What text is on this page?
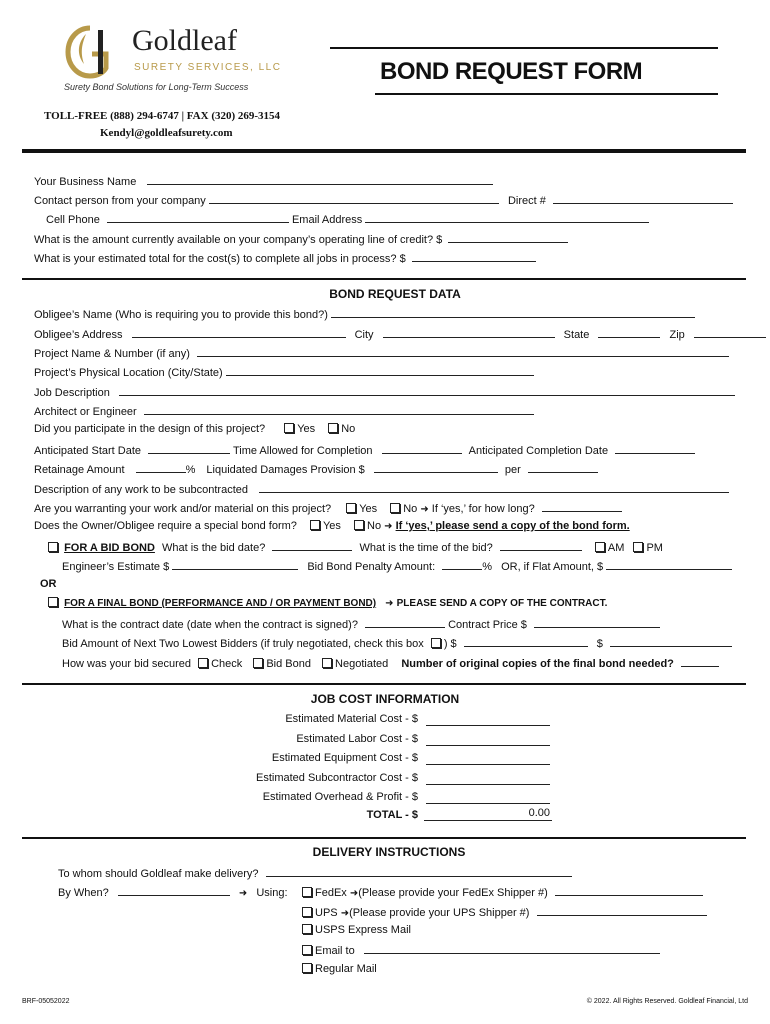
Goldleaf
SURETY SERVICES, LLC
Surety Bond Solutions for Long-Term Success
BOND REQUEST FORM
TOLL-FREE (888) 294-6747 | FAX (320) 269-3154
Kendyl@goldleafsurety.com
Your Business Name
Contact person from your company	Direct #
Cell Phone	Email Address
What is the amount currently available on your company’s operating line of credit? $
What is your estimated total for the cost(s) to complete all jobs in process? $
BOND REQUEST DATA
Obligee’s Name (Who is requiring you to provide this bond?)
Obligee’s Address	City	State	Zip
Project Name & Number (if any)
Project’s Physical Location (City/State)
Job Description
Architect or Engineer
Did you participate in the design of this project?	Yes No
Anticipated Start Date	Time Allowed for Completion	Anticipated Completion Date
Retainage Amount	% Liquidated Damages Provision $	per
Description of any work to be subcontracted
Are you warranting your work and/or material on this project?	Yes No ➜ If ‘yes,’ for how long?
Does the Owner/Obligee require a special bond form? Yes No ➜ If ‘yes,’ please send a copy of the bond form.
FOR A BID BOND What is the bid date?	What is the time of the bid?	AM PM
Engineer’s Estimate $	Bid Bond Penalty Amount:	% OR, if Flat Amount, $
OR
FOR A FINAL BOND (PERFORMANCE AND / OR PAYMENT BOND) ➜ PLEASE SEND A COPY OF THE CONTRACT.
What is the contract date (date when the contract is signed)?	Contract Price $
Bid Amount of Next Two Lowest Bidders (if truly negotiated, check this box ) $	$
How was your bid secured Check Bid Bond Negotiated Number of original copies of the final bond needed?
JOB COST INFORMATION
Estimated Material Cost - $
Estimated Labor Cost - $
Estimated Equipment Cost - $
Estimated Subcontractor Cost - $
Estimated Overhead & Profit - $
TOTAL - $	0.00
DELIVERY INSTRUCTIONS
To whom should Goldleaf make delivery?
By When?	➜ Using:	FedEx ➜(Please provide your FedEx Shipper #)
UPS ➜(Please provide your UPS Shipper #)
USPS Express Mail
Email to
Regular Mail
BRF-05052022	© 2022. All Rights Reserved. Goldleaf Financial, Ltd
